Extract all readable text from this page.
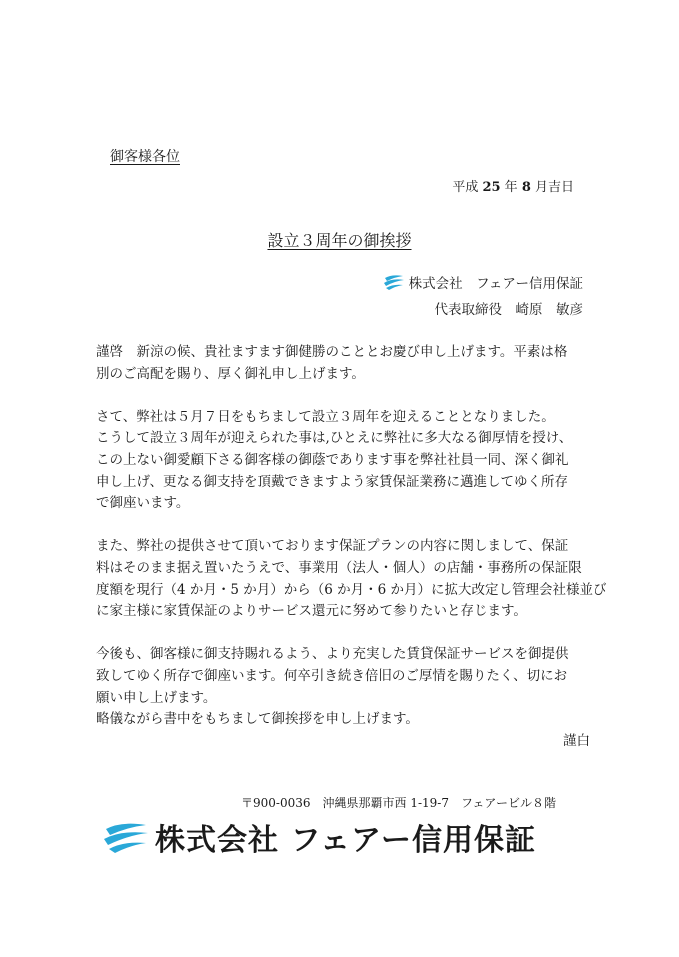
御客様各位
平成 25 年 8 月吉日
設立３周年の御挨拶
株式会社　フェアー信用保証
代表取締役　崎原　敏彦

謹啓　新涼の候、貴社ますます御健勝のこととお慶び申し上げます。平素は格
別のご高配を賜り、厚く御礼申し上げます。

さて、弊社は５月７日をもちまして設立３周年を迎えることとなりました。
こうして設立３周年が迎えられた事は,ひとえに弊社に多大なる御厚情を授け、
この上ない御愛顧下さる御客様の御蔭であります事を弊社社員一同、深く御礼
申し上げ、更なる御支持を頂戴できますよう家賃保証業務に邁進してゆく所存
で御座います。

また、弊社の提供させて頂いております保証プランの内容に関しまして、保証
料はそのまま据え置いたうえで、事業用（法人・個人）の店舗・事務所の保証限
度額を現行（4 か月・5 か月）から（6 か月・6 か月）に拡大改定し管理会社様並び
に家主様に家賃保証のよりサービス還元に努めて参りたいと存じます。

今後も、御客様に御支持賜れるよう、より充実した賃貸保証サービスを御提供
致してゆく所存で御座います。何卒引き続き倍旧のご厚情を賜りたく、切にお
願い申し上げます。
略儀ながら書中をもちまして御挨拶を申し上げます。

謹白

〒900-0036　沖縄県那覇市西 1-19-7　フェアービル８階
株式会社 フェアー信用保証
